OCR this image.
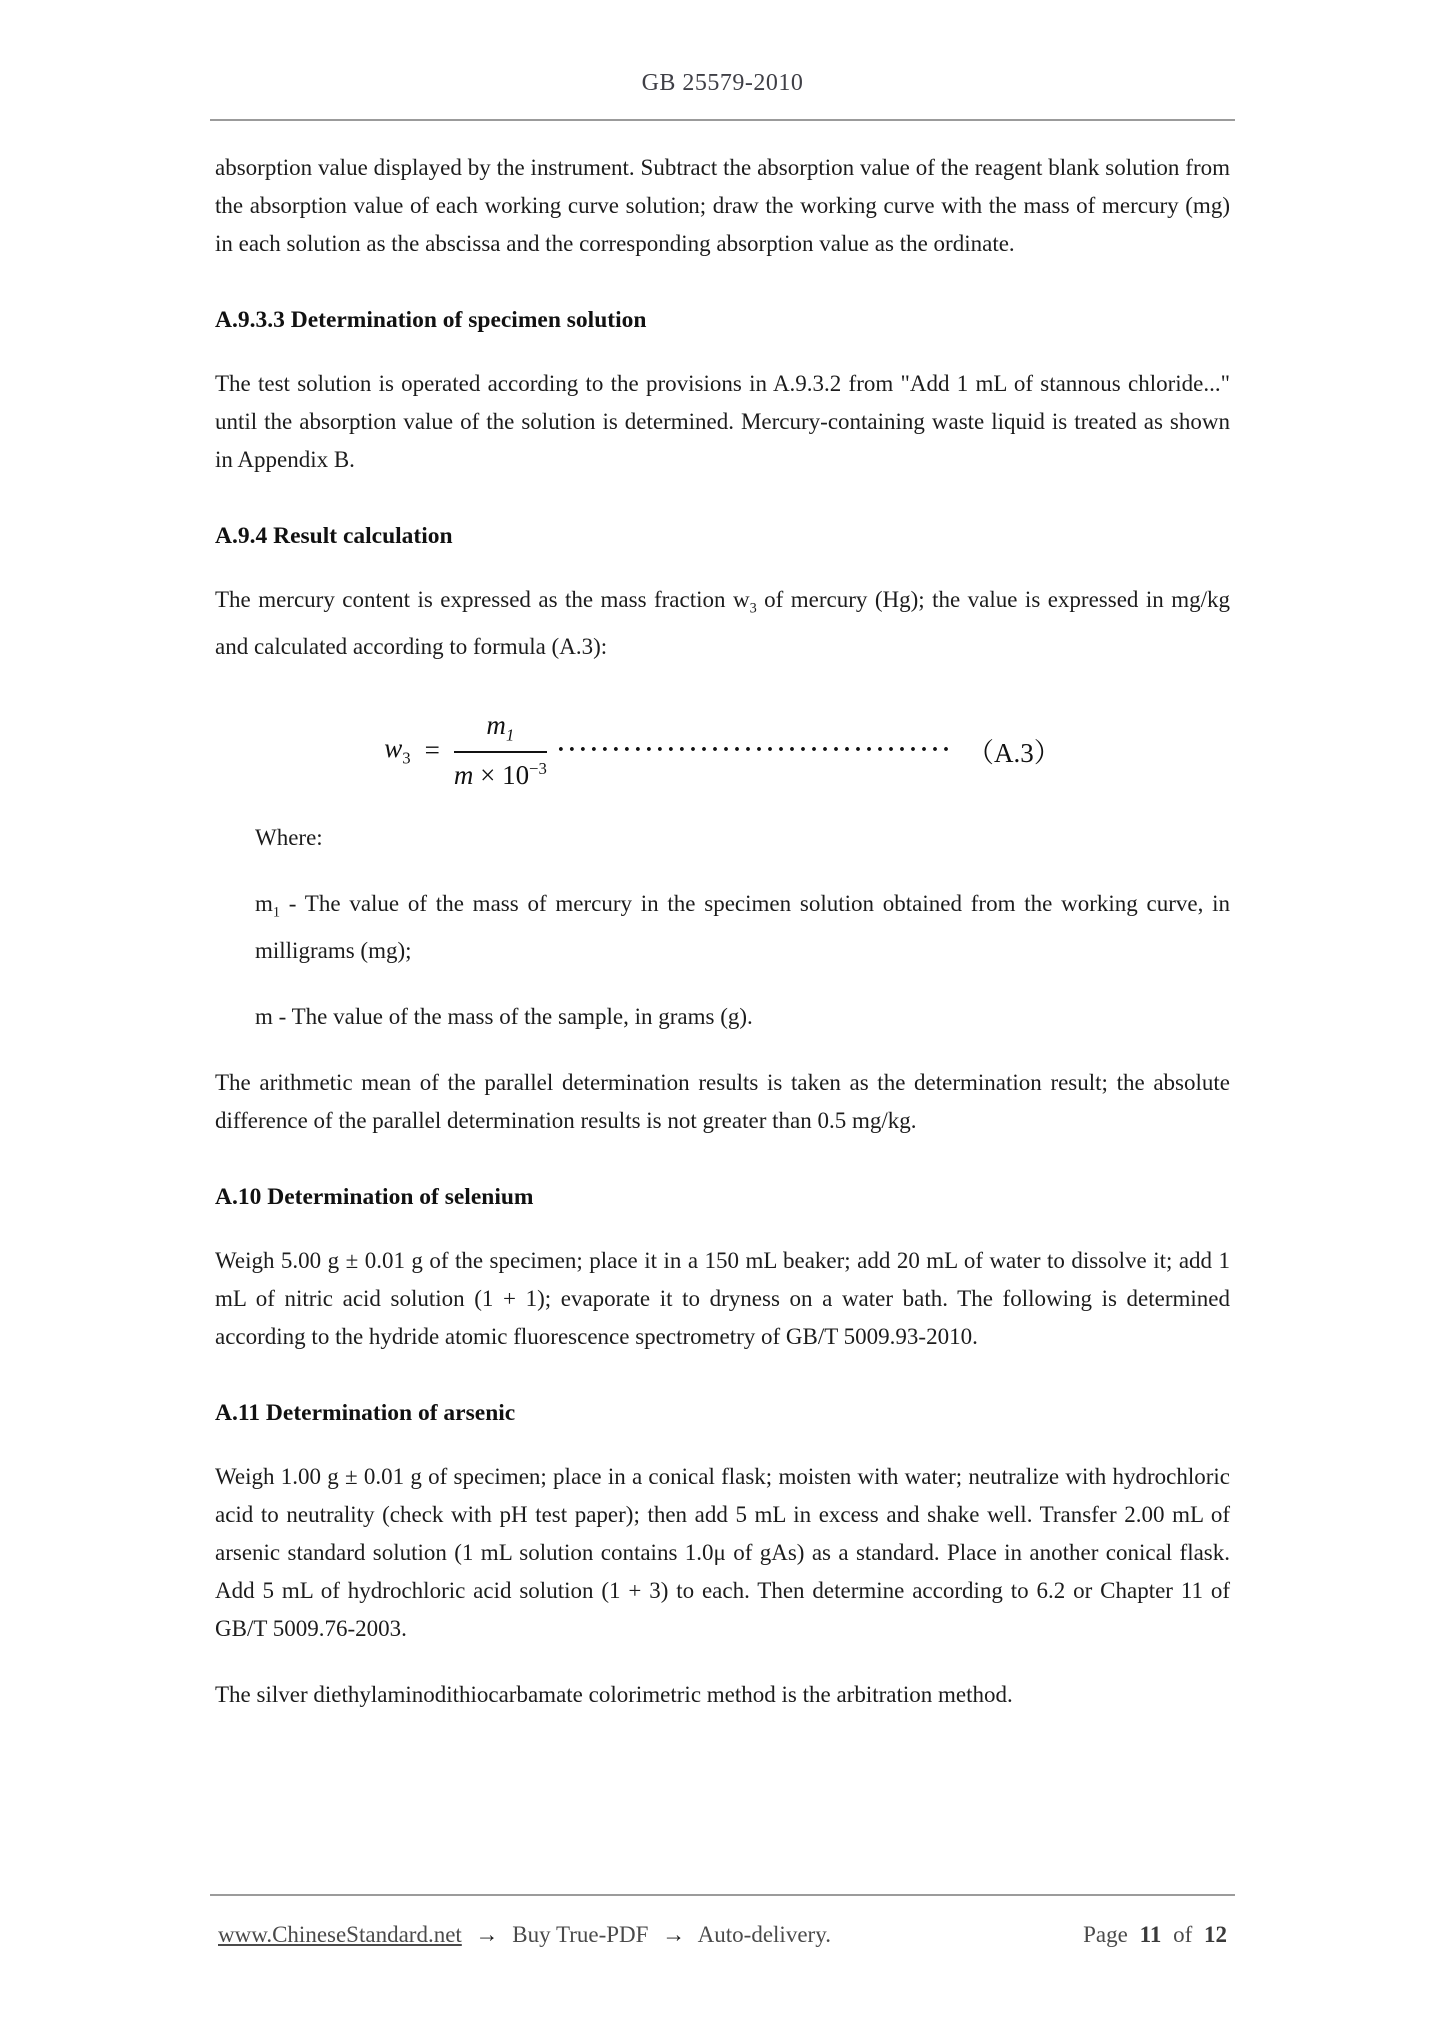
GB 25579-2010

absorption value displayed by the instrument. Subtract the absorption value of the reagent blank solution from the absorption value of each working curve solution; draw the working curve with the mass of mercury (mg) in each solution as the abscissa and the corresponding absorption value as the ordinate.

A.9.3.3 Determination of specimen solution

The test solution is operated according to the provisions in A.9.3.2 from "Add 1 mL of stannous chloride..." until the absorption value of the solution is determined. Mercury-containing waste liquid is treated as shown in Appendix B.

A.9.4 Result calculation

The mercury content is expressed as the mass fraction $w_3$ of mercury (Hg); the value is expressed in mg/kg and calculated according to formula (A.3):

$w_3 = \frac{m_1}{m \times 10^{-3}}$ ···································· （A.3）

Where:

$m_1$ - The value of the mass of mercury in the specimen solution obtained from the working curve, in milligrams (mg);

m - The value of the mass of the sample, in grams (g).

The arithmetic mean of the parallel determination results is taken as the determination result; the absolute difference of the parallel determination results is not greater than 0.5 mg/kg.

A.10 Determination of selenium

Weigh 5.00 g ± 0.01 g of the specimen; place it in a 150 mL beaker; add 20 mL of water to dissolve it; add 1 mL of nitric acid solution (1 + 1); evaporate it to dryness on a water bath. The following is determined according to the hydride atomic fluorescence spectrometry of GB/T 5009.93-2010.

A.11 Determination of arsenic

Weigh 1.00 g ± 0.01 g of specimen; place in a conical flask; moisten with water; neutralize with hydrochloric acid to neutrality (check with pH test paper); then add 5 mL in excess and shake well. Transfer 2.00 mL of arsenic standard solution (1 mL solution contains 1.0μ of gAs) as a standard. Place in another conical flask. Add 5 mL of hydrochloric acid solution (1 + 3) to each. Then determine according to 6.2 or Chapter 11 of GB/T 5009.76-2003.

The silver diethylaminodithiocarbamate colorimetric method is the arbitration method.

www.ChineseStandard.net → Buy True-PDF → Auto-delivery.	Page 11 of 12
